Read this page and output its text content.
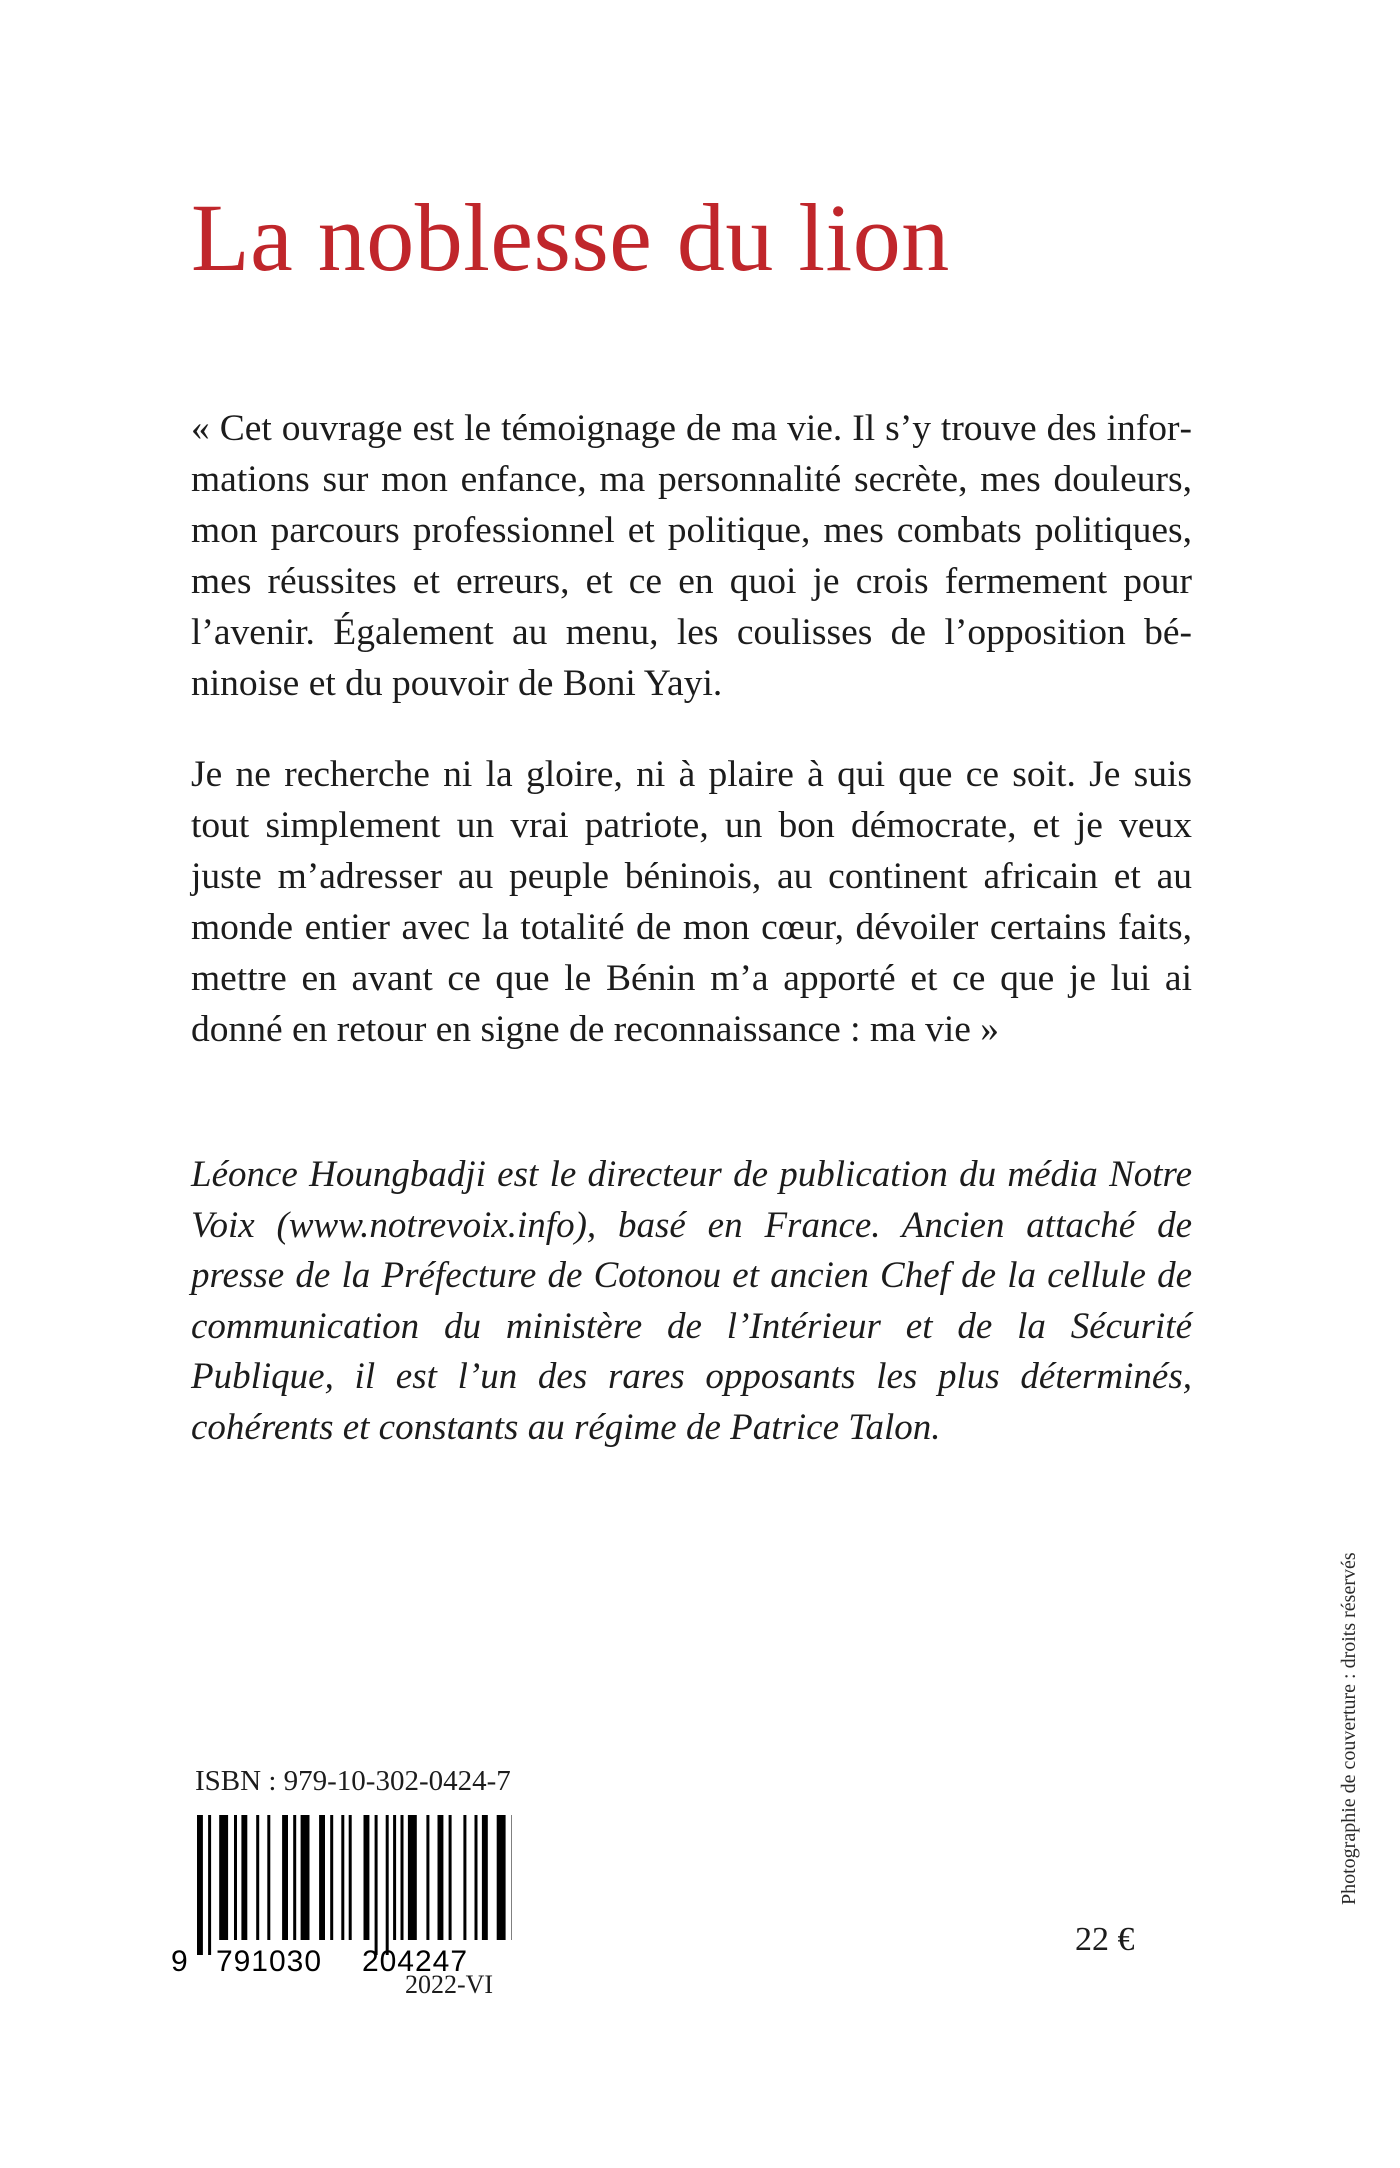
La noblesse du lion

« Cet ouvrage est le témoignage de ma vie. Il s’y trouve des informations sur mon enfance, ma personnalité secrète, mes douleurs, mon parcours professionnel et politique, mes combats politiques, mes réussites et erreurs, et ce en quoi je crois fermement pour l’avenir. Également au menu, les coulisses de l’opposition béninoise et du pouvoir de Boni Yayi.

Je ne recherche ni la gloire, ni à plaire à qui que ce soit. Je suis tout simplement un vrai patriote, un bon démocrate, et je veux juste m’adresser au peuple béninois, au continent africain et au monde entier avec la totalité de mon cœur, dévoiler certains faits, mettre en avant ce que le Bénin m’a apporté et ce que je lui ai donné en retour en signe de reconnaissance : ma vie »

Léonce Houngbadji est le directeur de publication du média Notre Voix (www.notrevoix.info), basé en France. Ancien attaché de presse de la Préfecture de Cotonou et ancien Chef de la cellule de communication du ministère de l’Intérieur et de la Sécurité Publique, il est l’un des rares opposants les plus déterminés, cohérents et constants au régime de Patrice Talon.

ISBN : 979-10-302-0424-7
9 791030 204247
2022-VI
22 €
Photographie de couverture : droits réservés
